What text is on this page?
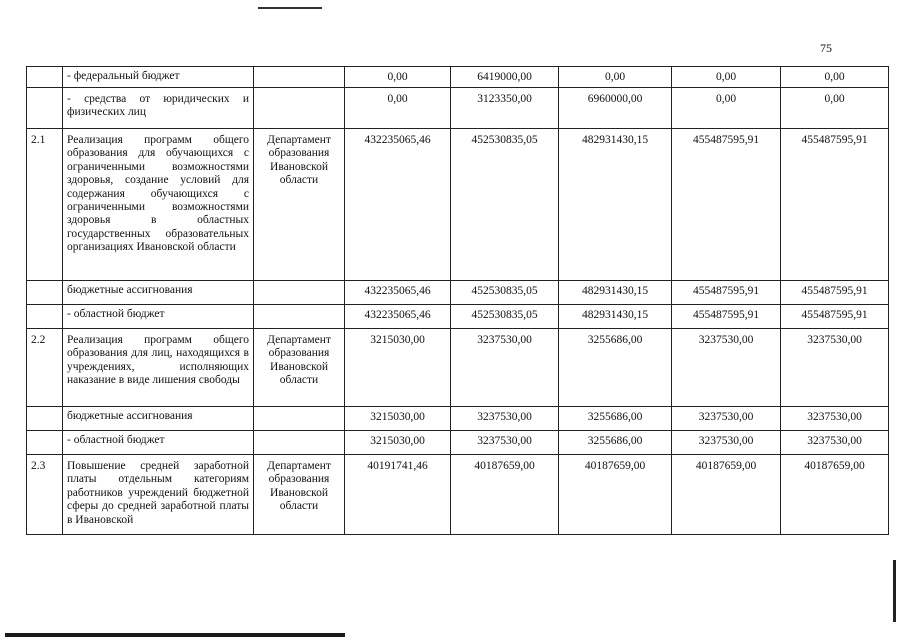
75
	- федеральный бюджет		0,00	6419000,00	0,00	0,00	0,00
	- средства от юридических и физических лиц		0,00	3123350,00	6960000,00	0,00	0,00
2.1	Реализация программ общего образования для обучающихся с ограниченными возможностями здоровья, создание условий для содержания обучающихся с ограниченными возможностями здоровья в областных государственных образовательных организациях Ивановской области	Департамент образования Ивановской области	432235065,46	452530835,05	482931430,15	455487595,91	455487595,91
	бюджетные ассигнования		432235065,46	452530835,05	482931430,15	455487595,91	455487595,91
	- областной бюджет		432235065,46	452530835,05	482931430,15	455487595,91	455487595,91
2.2	Реализация программ общего образования для лиц, находящихся в учреждениях, исполняющих наказание в виде лишения свободы	Департамент образования Ивановской области	3215030,00	3237530,00	3255686,00	3237530,00	3237530,00
	бюджетные ассигнования		3215030,00	3237530,00	3255686,00	3237530,00	3237530,00
	- областной бюджет		3215030,00	3237530,00	3255686,00	3237530,00	3237530,00
2.3	Повышение средней заработной платы отдельным категориям работников учреждений бюджетной сферы до средней заработной платы в Ивановской	Департамент образования Ивановской области	40191741,46	40187659,00	40187659,00	40187659,00	40187659,00
